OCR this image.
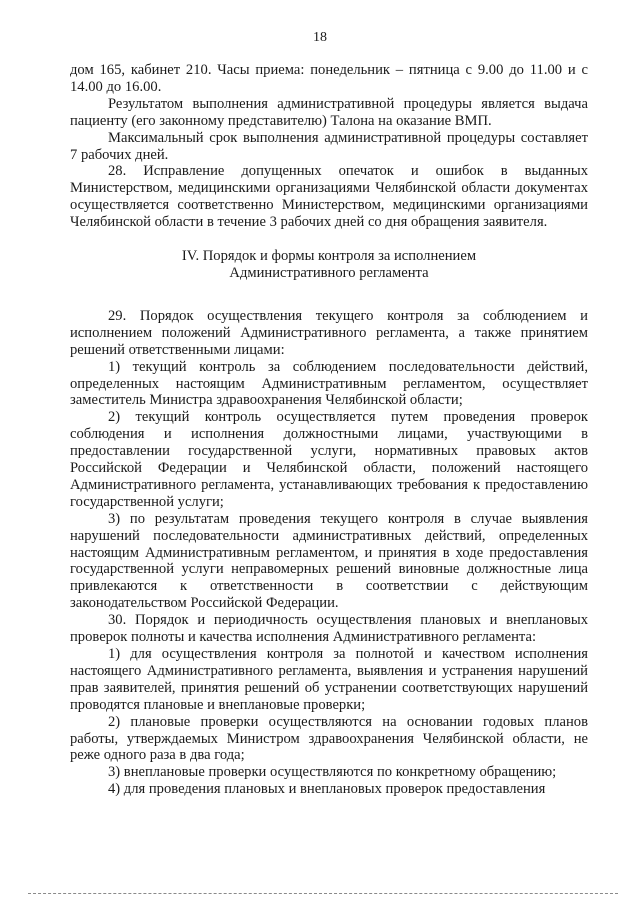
18

дом 165, кабинет 210. Часы приема: понедельник – пятница с 9.00 до 11.00 и с 14.00 до 16.00.

Результатом выполнения административной процедуры является выдача пациенту (его законному представителю) Талона на оказание ВМП.

Максимальный срок выполнения административной процедуры составляет 7 рабочих дней.

28. Исправление допущенных опечаток и ошибок в выданных Министерством, медицинскими организациями Челябинской области документах осуществляется соответственно Министерством, медицинскими организациями Челябинской области в течение 3 рабочих дней со дня обращения заявителя.

IV. Порядок и формы контроля за исполнением
Административного регламента

29. Порядок осуществления текущего контроля за соблюдением и исполнением положений Административного регламента, а также принятием решений ответственными лицами:

1) текущий контроль за соблюдением последовательности действий, определенных настоящим Административным регламентом, осуществляет заместитель Министра здравоохранения Челябинской области;

2) текущий контроль осуществляется путем проведения проверок соблюдения и исполнения должностными лицами, участвующими в предоставлении государственной услуги, нормативных правовых актов Российской Федерации и Челябинской области, положений настоящего Административного регламента, устанавливающих требования к предоставлению государственной услуги;

3) по результатам проведения текущего контроля в случае выявления нарушений последовательности административных действий, определенных настоящим Административным регламентом, и принятия в ходе предоставления государственной услуги неправомерных решений виновные должностные лица привлекаются к ответственности в соответствии с действующим законодательством Российской Федерации.

30. Порядок и периодичность осуществления плановых и внеплановых проверок полноты и качества исполнения Административного регламента:

1) для осуществления контроля за полнотой и качеством исполнения настоящего Административного регламента, выявления и устранения нарушений прав заявителей, принятия решений об устранении соответствующих нарушений проводятся плановые и внеплановые проверки;

2) плановые проверки осуществляются на основании годовых планов работы, утверждаемых Министром здравоохранения Челябинской области, не реже одного раза в два года;

3) внеплановые проверки осуществляются по конкретному обращению;

4) для проведения плановых и внеплановых проверок предоставления
